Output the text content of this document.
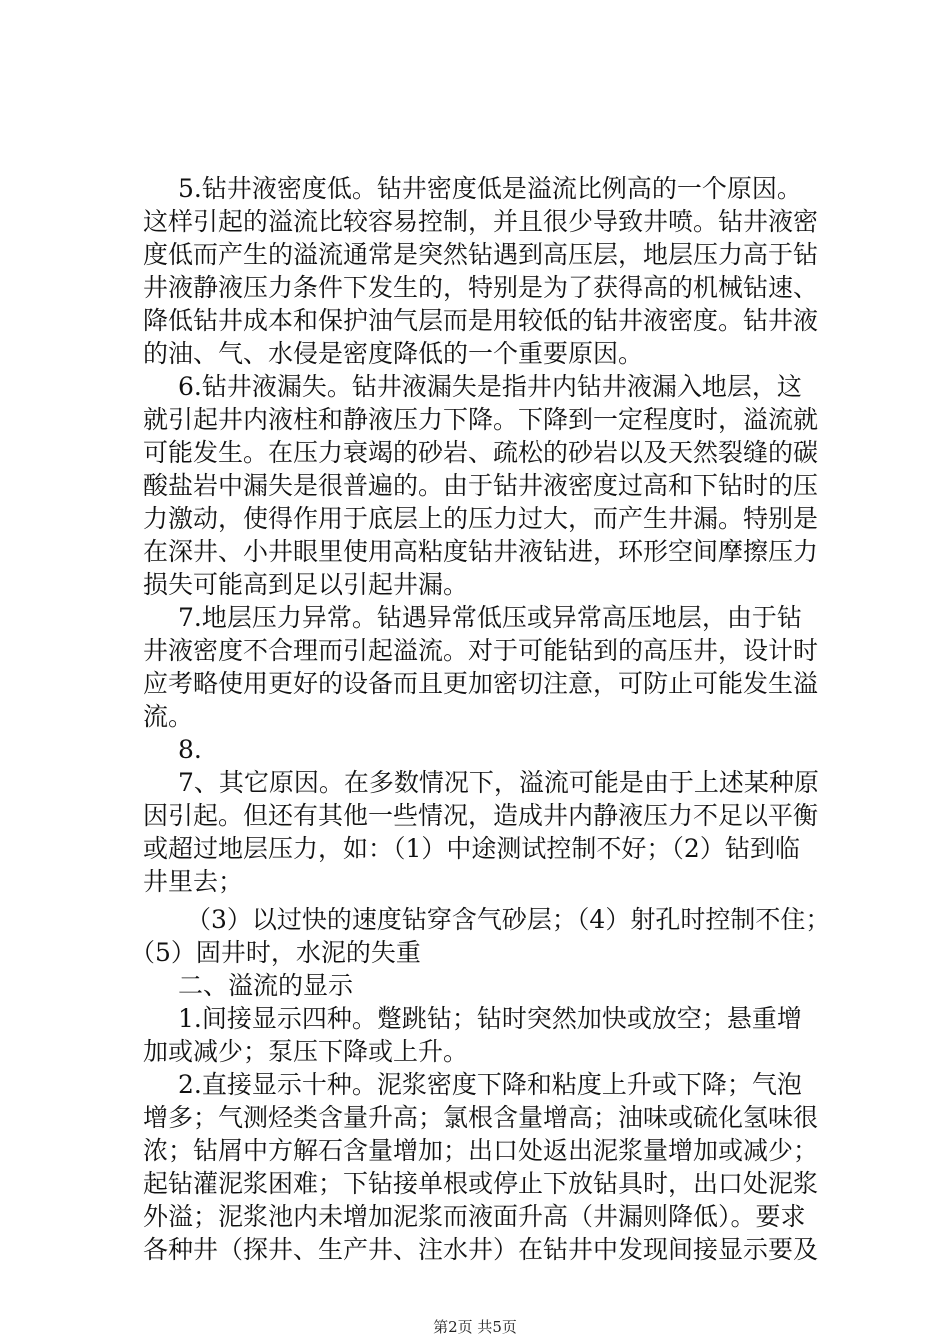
5.钻井液密度低。钻井密度低是溢流比例高的一个原因。
这样引起的溢流比较容易控制，并且很少导致井喷。钻井液密
度低而产生的溢流通常是突然钻遇到高压层，地层压力高于钻
井液静液压力条件下发生的，特别是为了获得高的机械钻速、
降低钻井成本和保护油气层而是用较低的钻井液密度。钻井液
的油、气、水侵是密度降低的一个重要原因。
6.钻井液漏失。钻井液漏失是指井内钻井液漏入地层，这
就引起井内液柱和静液压力下降。下降到一定程度时，溢流就
可能发生。在压力衰竭的砂岩、疏松的砂岩以及天然裂缝的碳
酸盐岩中漏失是很普遍的。由于钻井液密度过高和下钻时的压
力激动，使得作用于底层上的压力过大，而产生井漏。特别是
在深井、小井眼里使用高粘度钻井液钻进，环形空间摩擦压力
损失可能高到足以引起井漏。
7.地层压力异常。钻遇异常低压或异常高压地层，由于钻
井液密度不合理而引起溢流。对于可能钻到的高压井，设计时
应考略使用更好的设备而且更加密切注意，可防止可能发生溢
流。
8.
7、其它原因。在多数情况下，溢流可能是由于上述某种原
因引起。但还有其他一些情况，造成井内静液压力不足以平衡
或超过地层压力，如：（1）中途测试控制不好；（2）钻到临
井里去；
（3）以过快的速度钻穿含气砂层；（4）射孔时控制不住；
（5）固井时，水泥的失重
二、溢流的显示
1.间接显示四种。蹩跳钻；钻时突然加快或放空；悬重增
加或减少；泵压下降或上升。
2.直接显示十种。泥浆密度下降和粘度上升或下降；气泡
增多；气测烃类含量升高；氯根含量增高；油味或硫化氢味很
浓；钻屑中方解石含量增加；出口处返出泥浆量增加或减少；
起钻灌泥浆困难；下钻接单根或停止下放钻具时，出口处泥浆
外溢；泥浆池内未增加泥浆而液面升高（井漏则降低）。要求
各种井（探井、生产井、注水井）在钻井中发现间接显示要及
第2页 共5页
